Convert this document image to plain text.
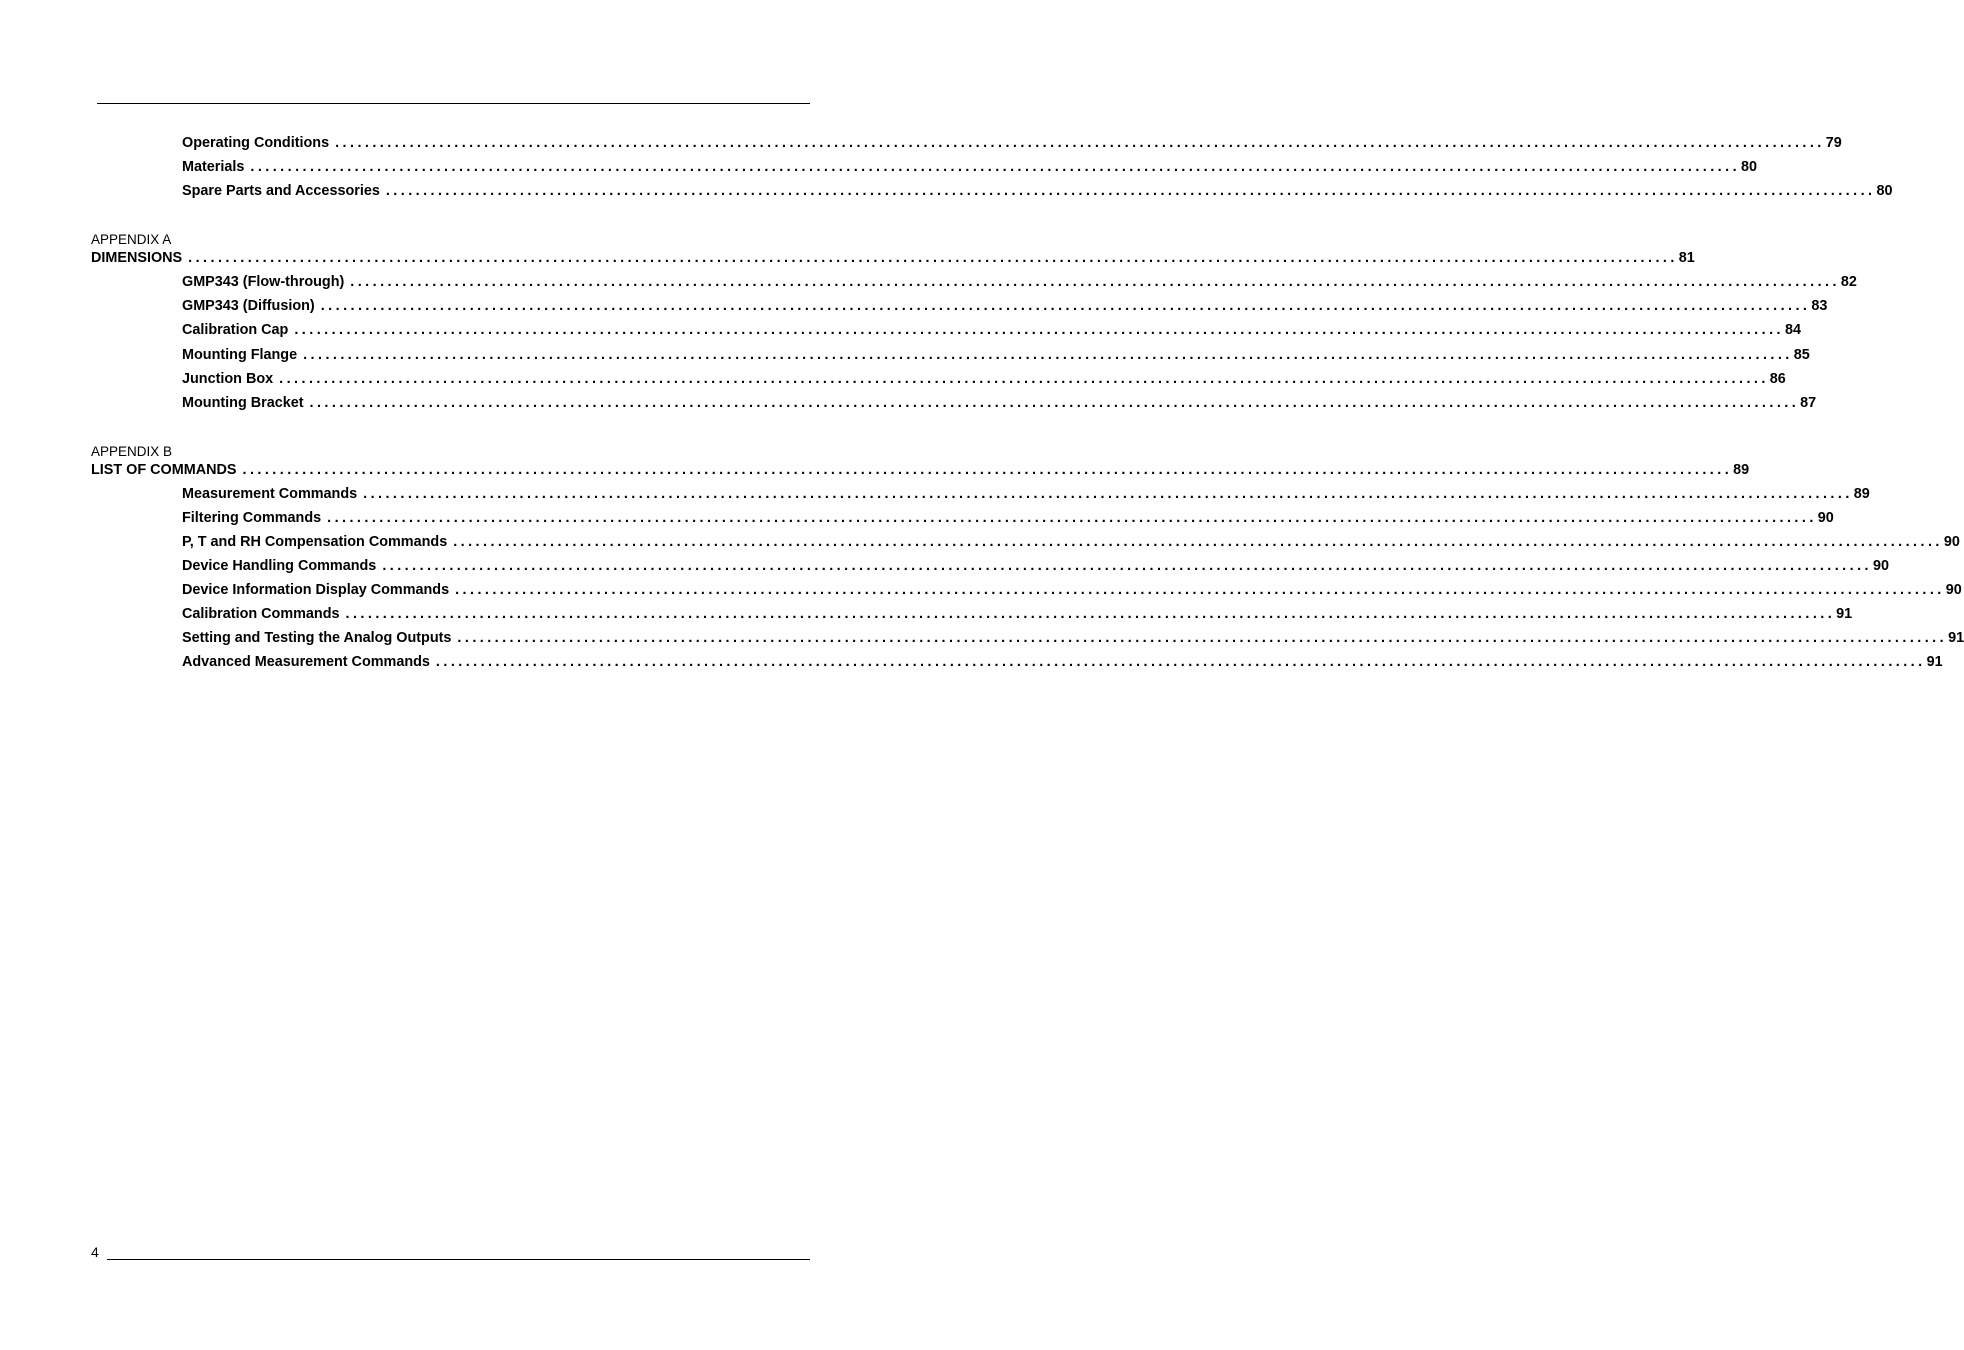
Operating Conditions ........................................................................................................................................................................................................ 79
Materials ........................................................................................................................................................................................................ 80
Spare Parts and Accessories ........................................................................................................................................................................................................ 80
APPENDIX A
DIMENSIONS ........................................................................................................................................................................................................ 81
GMP343 (Flow-through) ........................................................................................................................................................................................................ 82
GMP343 (Diffusion) ........................................................................................................................................................................................................ 83
Calibration Cap ........................................................................................................................................................................................................ 84
Mounting Flange ........................................................................................................................................................................................................ 85
Junction Box ........................................................................................................................................................................................................ 86
Mounting Bracket ........................................................................................................................................................................................................ 87
APPENDIX B
LIST OF COMMANDS ........................................................................................................................................................................................................ 89
Measurement Commands ........................................................................................................................................................................................................ 89
Filtering Commands ........................................................................................................................................................................................................ 90
P, T and RH Compensation Commands ........................................................................................................................................................................................................ 90
Device Handling Commands ........................................................................................................................................................................................................ 90
Device Information Display Commands ........................................................................................................................................................................................................ 90
Calibration Commands ........................................................................................................................................................................................................ 91
Setting and Testing the Analog Outputs ........................................................................................................................................................................................................ 91
Advanced Measurement Commands ........................................................................................................................................................................................................ 91
4
